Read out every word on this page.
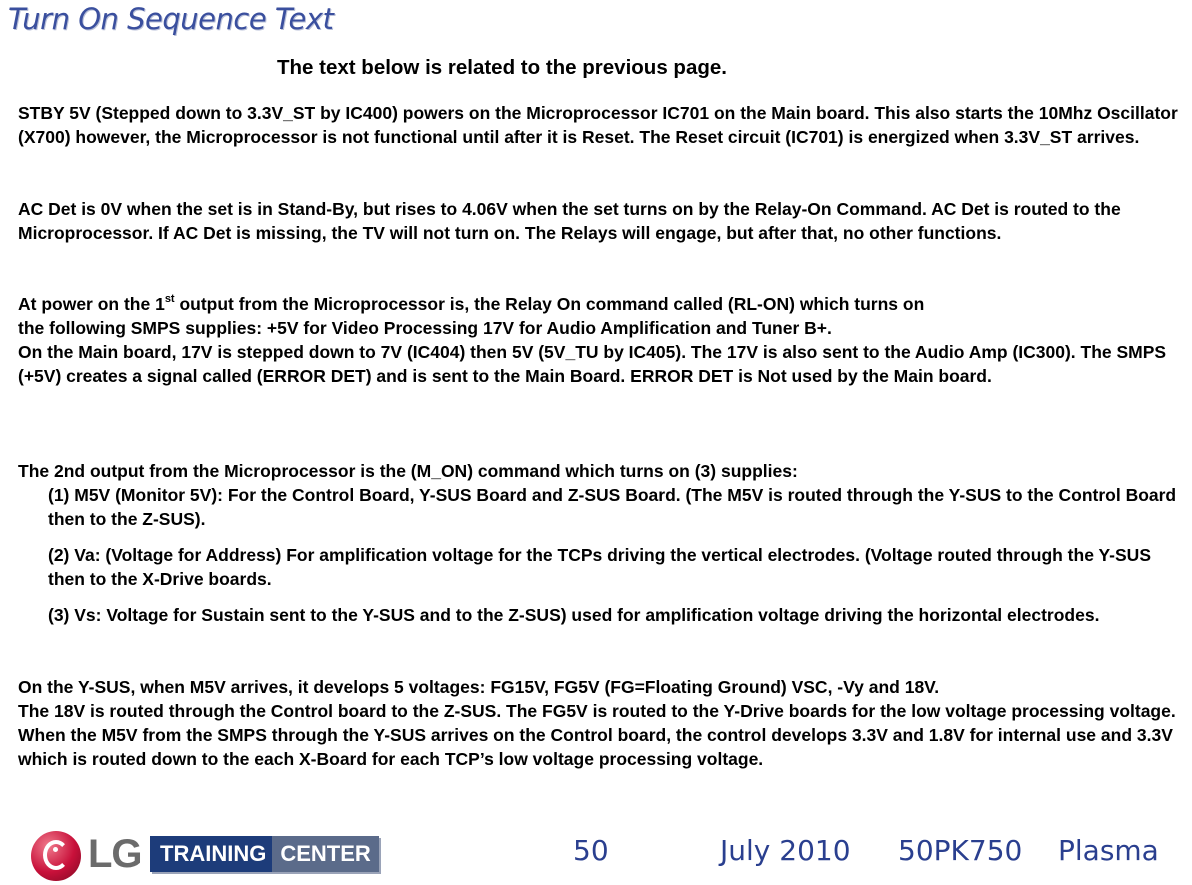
Turn On Sequence Text
The text below is related to the previous page.

STBY 5V (Stepped down to 3.3V_ST by IC400) powers on the Microprocessor IC701 on the Main board. This also starts the 10Mhz Oscillator (X700) however, the Microprocessor is not functional until after it is Reset. The Reset circuit (IC701) is energized when 3.3V_ST arrives.

AC Det is 0V when the set is in Stand-By, but rises to 4.06V when the set turns on by the Relay-On Command. AC Det is routed to the Microprocessor. If AC Det is missing, the TV will not turn on. The Relays will engage, but after that, no other functions.

At power on the 1st output from the Microprocessor is, the Relay On command called (RL-ON) which turns on
the following SMPS supplies: +5V for Video Processing 17V for Audio Amplification and Tuner B+.
On the Main board, 17V is stepped down to 7V (IC404) then 5V (5V_TU by IC405). The 17V is also sent to the Audio Amp (IC300). The SMPS (+5V) creates a signal called (ERROR DET) and is sent to the Main Board. ERROR DET is Not used by the Main board.

The 2nd output from the Microprocessor is the (M_ON) command which turns on (3) supplies:

(1) M5V (Monitor 5V): For the Control Board, Y-SUS Board and Z-SUS Board. (The M5V is routed through the Y-SUS to the Control Board then to the Z-SUS).

(2) Va: (Voltage for Address) For amplification voltage for the TCPs driving the vertical electrodes. (Voltage routed through the Y-SUS then to the X-Drive boards.

(3) Vs: Voltage for Sustain sent to the Y-SUS and to the Z-SUS) used for amplification voltage driving the horizontal electrodes.

On the Y-SUS, when M5V arrives, it develops 5 voltages: FG15V, FG5V (FG=Floating Ground) VSC, -Vy and 18V.
The 18V is routed through the Control board to the Z-SUS. The FG5V is routed to the Y-Drive boards for the low voltage processing voltage.
When the M5V from the SMPS through the Y-SUS arrives on the Control board, the control develops 3.3V and 1.8V for internal use and 3.3V which is routed down to the each X-Board for each TCP’s low voltage processing voltage.
LG TRAINING CENTER	50	July 2010 50PK750 Plasma
